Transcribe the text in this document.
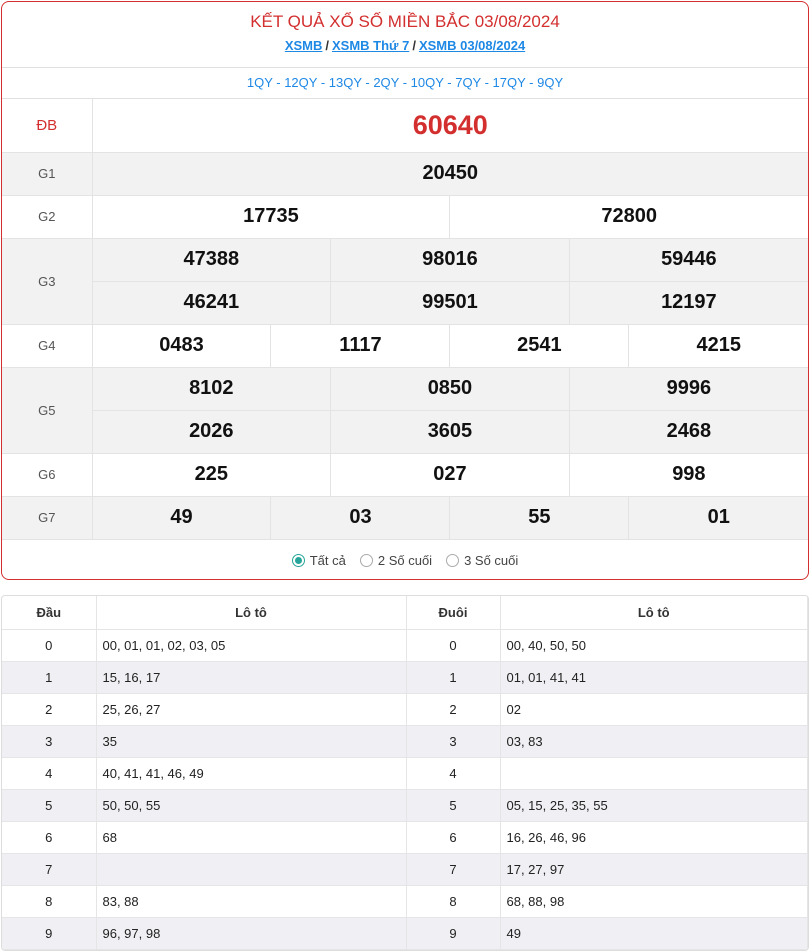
KẾT QUẢ XỔ SỐ MIỀN BẮC 03/08/2024
XSMB / XSMB Thứ 7 / XSMB 03/08/2024
1QY - 12QY - 13QY - 2QY - 10QY - 7QY - 17QY - 9QY
ĐB	60640					
G1	20450					
G2	17735			72800		
G3	47388		98016		59446	
	46241		99501		12197	
G4	0483	1117		2541		4215
G5	8102		0850		9996	
	2026		3605		2468	
G6	225		027		998	
G7	49	03		55		01
Tất cả 2 Số cuối 3 Số cuối
Đầu	Lô tô	Đuôi	Lô tô
0	00, 01, 01, 02, 03, 05	0	00, 40, 50, 50
1	15, 16, 17	1	01, 01, 41, 41
2	25, 26, 27	2	02
3	35	3	03, 83
4	40, 41, 41, 46, 49	4	
5	50, 50, 55	5	05, 15, 25, 35, 55
6	68	6	16, 26, 46, 96
7		7	17, 27, 97
8	83, 88	8	68, 88, 98
9	96, 97, 98	9	49
